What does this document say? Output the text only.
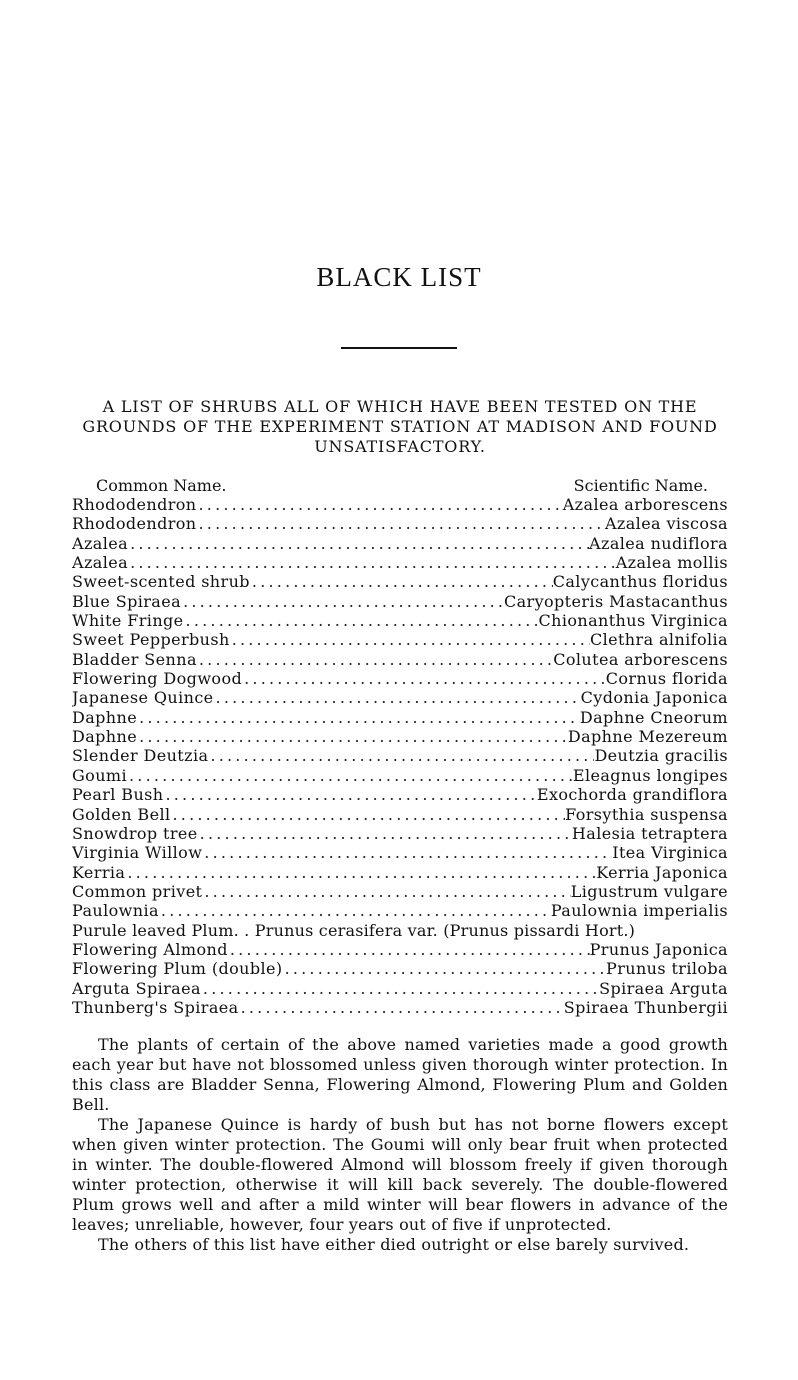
BLACK LIST
A LIST OF SHRUBS ALL OF WHICH HAVE BEEN TESTED ON THE GROUNDS OF THE EXPERIMENT STATION AT MADISON AND FOUND UNSATISFACTORY.
Common Name.	Scientific Name.
Rhododendron .....	Azalea arborescens
Rhododendron .....	Azalea viscosa
Azalea .....	Azalea nudiflora
Azalea .....	Azalea mollis
Sweet-scented shrub .....	Calycanthus floridus
Blue Spiraea .....	Caryopteris Mastacanthus
White Fringe .....	Chionanthus Virginica
Sweet Pepperbush .....	Clethra alnifolia
Bladder Senna .....	Colutea arborescens
Flowering Dogwood .....	Cornus florida
Japanese Quince .....	Cydonia Japonica
Daphne .....	Daphne Cneorum
Daphne .....	Daphne Mezereum
Slender Deutzia .....	Deutzia gracilis
Goumi .....	Eleagnus longipes
Pearl Bush .....	Exochorda grandiflora
Golden Bell .....	Forsythia suspensa
Snowdrop tree .....	Halesia tetraptera
Virginia Willow .....	Itea Virginica
Kerria .....	Kerria Japonica
Common privet .....	Ligustrum vulgare
Paulownia .....	Paulownia imperialis
Purule leaved Plum. . Prunus cerasifera var. (Prunus pissardi Hort.)
Flowering Almond .....	Prunus Japonica
Flowering Plum (double) .....	Prunus triloba
Arguta Spiraea .....	Spiraea Arguta
Thunberg's Spiraea .....	Spiraea Thunbergii

The plants of certain of the above named varieties made a good growth each year but have not blossomed unless given thorough winter protection. In this class are Bladder Senna, Flowering Almond, Flowering Plum and Golden Bell.

The Japanese Quince is hardy of bush but has not borne flowers except when given winter protection. The Goumi will only bear fruit when protected in winter. The double-flowered Almond will blossom freely if given thorough winter protection, otherwise it will kill back severely. The double-flowered Plum grows well and after a mild winter will bear flowers in advance of the leaves; unreliable, however, four years out of five if unprotected.

The others of this list have either died outright or else barely survived.
